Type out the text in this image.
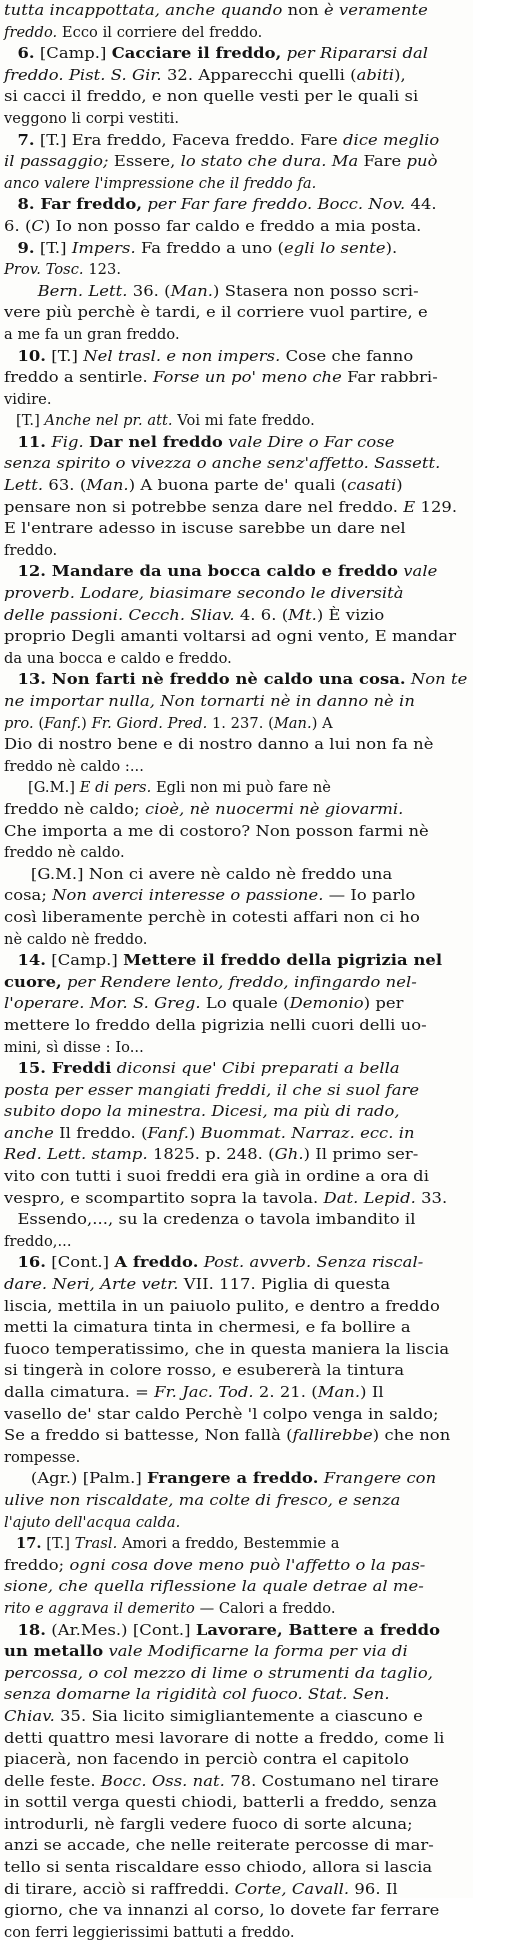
tutta incappottata, anche quando non è veramente
freddo. Ecco il corriere del freddo.
6. [Camp.] Cacciare il freddo, per Ripararsi dal
freddo. Pist. S. Gir. 32. Apparecchi quelli (abiti),
si cacci il freddo, e non quelle vesti per le quali si
veggono li corpi vestiti.
7. [T.] Era freddo, Faceva freddo. Fare dice meglio
il passaggio; Essere, lo stato che dura. Ma Fare può
anco valere l'impressione che il freddo fa.
8. Far freddo, per Far fare freddo. Bocc. Nov. 44.
6. (C) Io non posso far caldo e freddo a mia posta.
9. [T.] Impers. Fa freddo a uno (egli lo sente).
Prov. Tosc. 123.
Bern. Lett. 36. (Man.) Stasera non posso scri-
vere più perchè è tardi, e il corriere vuol partire, e
a me fa un gran freddo.
10. [T.] Nel trasl. e non impers. Cose che fanno
freddo a sentirle. Forse un po' meno che Far rabbri-
vidire.
[T.] Anche nel pr. att. Voi mi fate freddo.
11. Fig. Dar nel freddo vale Dire o Far cose
senza spirito o vivezza o anche senz'affetto. Sassett.
Lett. 63. (Man.) A buona parte de' quali (casati)
pensare non si potrebbe senza dare nel freddo. E 129.
E l'entrare adesso in iscuse sarebbe un dare nel
freddo.
12. Mandare da una bocca caldo e freddo vale
proverb. Lodare, biasimare secondo le diversità
delle passioni. Cecch. Sliav. 4. 6. (Mt.) È vizio
proprio Degli amanti voltarsi ad ogni vento, E mandar
da una bocca e caldo e freddo.
13. Non farti nè freddo nè caldo una cosa. Non te
ne importar nulla, Non tornarti nè in danno nè in
pro. (Fanf.) Fr. Giord. Pred. 1. 237. (Man.) A
Dio di nostro bene e di nostro danno a lui non fa nè
freddo nè caldo :...
[G.M.] E di pers. Egli non mi può fare nè
freddo nè caldo; cioè, nè nuocermi nè giovarmi.
Che importa a me di costoro? Non posson farmi nè
freddo nè caldo.
[G.M.] Non ci avere nè caldo nè freddo una
cosa; Non averci interesse o passione. — Io parlo
così liberamente perchè in cotesti affari non ci ho
nè caldo nè freddo.
14. [Camp.] Mettere il freddo della pigrizia nel
cuore, per Rendere lento, freddo, infingardo nel-
l'operare. Mor. S. Greg. Lo quale (Demonio) per
mettere lo freddo della pigrizia nelli cuori delli uo-
mini, sì disse : Io...
15. Freddi diconsi que' Cibi preparati a bella
posta per esser mangiati freddi, il che si suol fare
subito dopo la minestra. Dicesi, ma più di rado,
anche Il freddo. (Fanf.) Buommat. Narraz. ecc. in
Red. Lett. stamp. 1825. p. 248. (Gh.) Il primo ser-
vito con tutti i suoi freddi era già in ordine a ora di
vespro, e scompartito sopra la tavola. Dat. Lepid. 33.
Essendo,..., su la credenza o tavola imbandito il
freddo,...
16. [Cont.] A freddo. Post. avverb. Senza riscal-
dare. Neri, Arte vetr. VII. 117. Piglia di questa
liscia, mettila in un paiuolo pulito, e dentro a freddo
metti la cimatura tinta in chermesi, e fa bollire a
fuoco temperatissimo, che in questa maniera la liscia
si tingerà in colore rosso, e esubererà la tintura
dalla cimatura. = Fr. Jac. Tod. 2. 21. (Man.) Il
vasello de' star caldo Perchè 'l colpo venga in saldo;
Se a freddo si battesse, Non fallà (fallirebbe) che non
rompesse.
(Agr.) [Palm.] Frangere a freddo. Frangere con
ulive non riscaldate, ma colte di fresco, e senza
l'ajuto dell'acqua calda.
17. [T.] Trasl. Amori a freddo, Bestemmie a
freddo; ogni cosa dove meno può l'affetto o la pas-
sione, che quella riflessione la quale detrae al me-
rito e aggrava il demerito — Calori a freddo.
18. (Ar.Mes.) [Cont.] Lavorare, Battere a freddo
un metallo vale Modificarne la forma per via di
percossa, o col mezzo di lime o strumenti da taglio,
senza domarne la rigidità col fuoco. Stat. Sen.
Chiav. 35. Sia licito simigliantemente a ciascuno e
detti quattro mesi lavorare di notte a freddo, come li
piacerà, non facendo in perciò contra el capitolo
delle feste. Bocc. Oss. nat. 78. Costumano nel tirare
in sottil verga questi chiodi, batterli a freddo, senza
introdurli, nè fargli vedere fuoco di sorte alcuna;
anzi se accade, che nelle reiterate percosse di mar-
tello si senta riscaldare esso chiodo, allora si lascia
di tirare, acciò si raffreddi. Corte, Cavall. 96. Il
giorno, che va innanzi al corso, lo dovete far ferrare
con ferri leggierissimi battuti a freddo.
